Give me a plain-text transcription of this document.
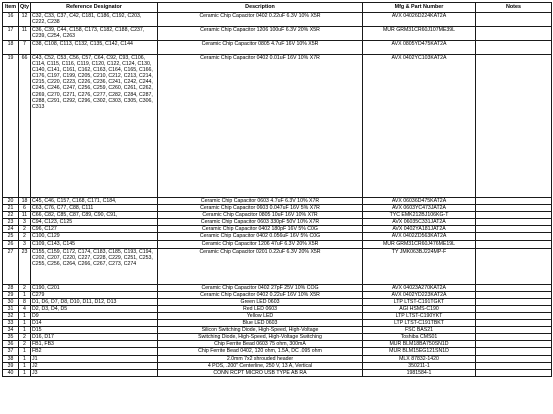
Item	Qty	Reference Designator	Description	Mfg & Part Number	Notes
16	12	C32, C33, C37, C42, C181, C186, C192, C203, C222, C238	Ceramic Chip Capacitor 0402 0.22uF 6.3V 10% X5R	AVX 04026D224KAT2A	
17	11	C36, C39, C44, C158, C173, C182, C188, C237, C239, C254, C263	Ceramic Chip Capacitor 1206 100uF 6.3V 20% X5R	MUR GRM31CR60J107ME39L	
18	7	C38, C108, C113, C132, C135, C142, C144	Ceramic Chip Capacitor 0805 4.7uF 16V 10% X5R	AVX 0805YD475KAT2A	
19	66	C43, C52, C53, C56, C57, C64, C92, C93, C106, C114, C115, C116, C119, C120, C122, C124, C130, C140, C141, C161, C162, C163, C164, C165, C166, C176, C197, C199, C205, C210, C212, C213, C214, C215, C220, C223, C226, C236, C241, C242, C244, C245, C246, C247, C256, C259, C260, C261, C262, C269, C270, C271, C276, C277, C282, C284, C287, C288, C291, C292, C296, C302, C303, C305, C306, C313	Ceramic Chip Capacitor 0402 0.01uF 16V 10% X7R	AVX 0402YC103KAT2A	
20	18	C45, C46, C157, C168, C171, C184,	Ceramic Chip Capacitor 0603 4.7uF 6.3V 10% X7R	AVX 06036D475KAT2A	
21	6	C63, C76, C77, C88, C111	Ceramic Chip Capacitor 0603 0.047uF 16V 5% X7R	AVX 0603YC473JAT2A	
22	11	C66, C82, C85, C87, C89, C90, C91,	Ceramic Chip Capacitor 0805 10uF 16V 10% X7R	TYC EMK212BJ106KG-T	
23	3	C94, C123, C125	Ceramic Chip Capacitor 0603 330pF 50V 10% X7R	AVX 06035C331JAT2A	
24	2	C96, C127	Ceramic Chip Capacitor 0402 180pF 16V 5% C0G	AVX 0402YA181JAT2A	
25	2	C100, C129	Ceramic Chip Capacitor 0402 0.056uF 16V 5% C0G	AVX 0402ZD563KAT2A	
26	3	C109, C143, C145	Ceramic Chip Capacitor 1206 47uF 6.3V 20% X5R	MUR GRM31CR60J476ME19L	
27	23	C155, C159, C172, C174, C183, C185, C193, C194, C202, C207, C220, C227, C228, C229, C251, C253, C255, C256, C264, C266, C267, C273, C274	Ceramic Chip Capacitor 0201 0.22uF 6.3V 20% X5R	TY JMK063BJ224MP-F	
28	2	C190, C201	Ceramic Chip Capacitor 0402 27pF 25V 10% COG	AVX 04023A270KAT2A	
29	1	C279	Ceramic Chip Capacitor 0402 0.22uF 16V 10% X5R	AVX 0402YD223KAT2A	
30	8	D1, D6, D7, D8, D10, D11, D12, D13	Green LED 0603	LTP LTST-C191TGKT	
31	4	D2, D3, D4, D5	Red LED 0603	AGI HSMS-C190	
32	1	D9	Yellow LED	LTP LTST-C190YKT	
33	1	D14	Blue LED 0603	LTP LTST-C191TBKT	
34	1	D15	Silicon Switching Diode, High-Speed, High-Voltage	FSC BAS21	
35	2	D16, D17	Switching Diode, High-Speed, High-Voltage Switching	Toshiba CMS01	
36	2	FB1, FB3	Chip Ferrite Bead 0603 75 ohm, 300mA	MUR BLM18BA750SN1D	
37	1	FB2	Chip Ferrite Bead 0402, 120 ohm, 1.5A, DC .095 ohm	MUR BLM15EG121SN1D	
38	1	J1	2.0mm 7x2 shrouded header	MLX 87832-1420	
39	1	J2	4 POS, .200" Centerline, 250 V, 13 A, Vertical	350211-1	
40	1	J3	CONN RCPT MICRO USB TYPE AB RA	1981584-1	
